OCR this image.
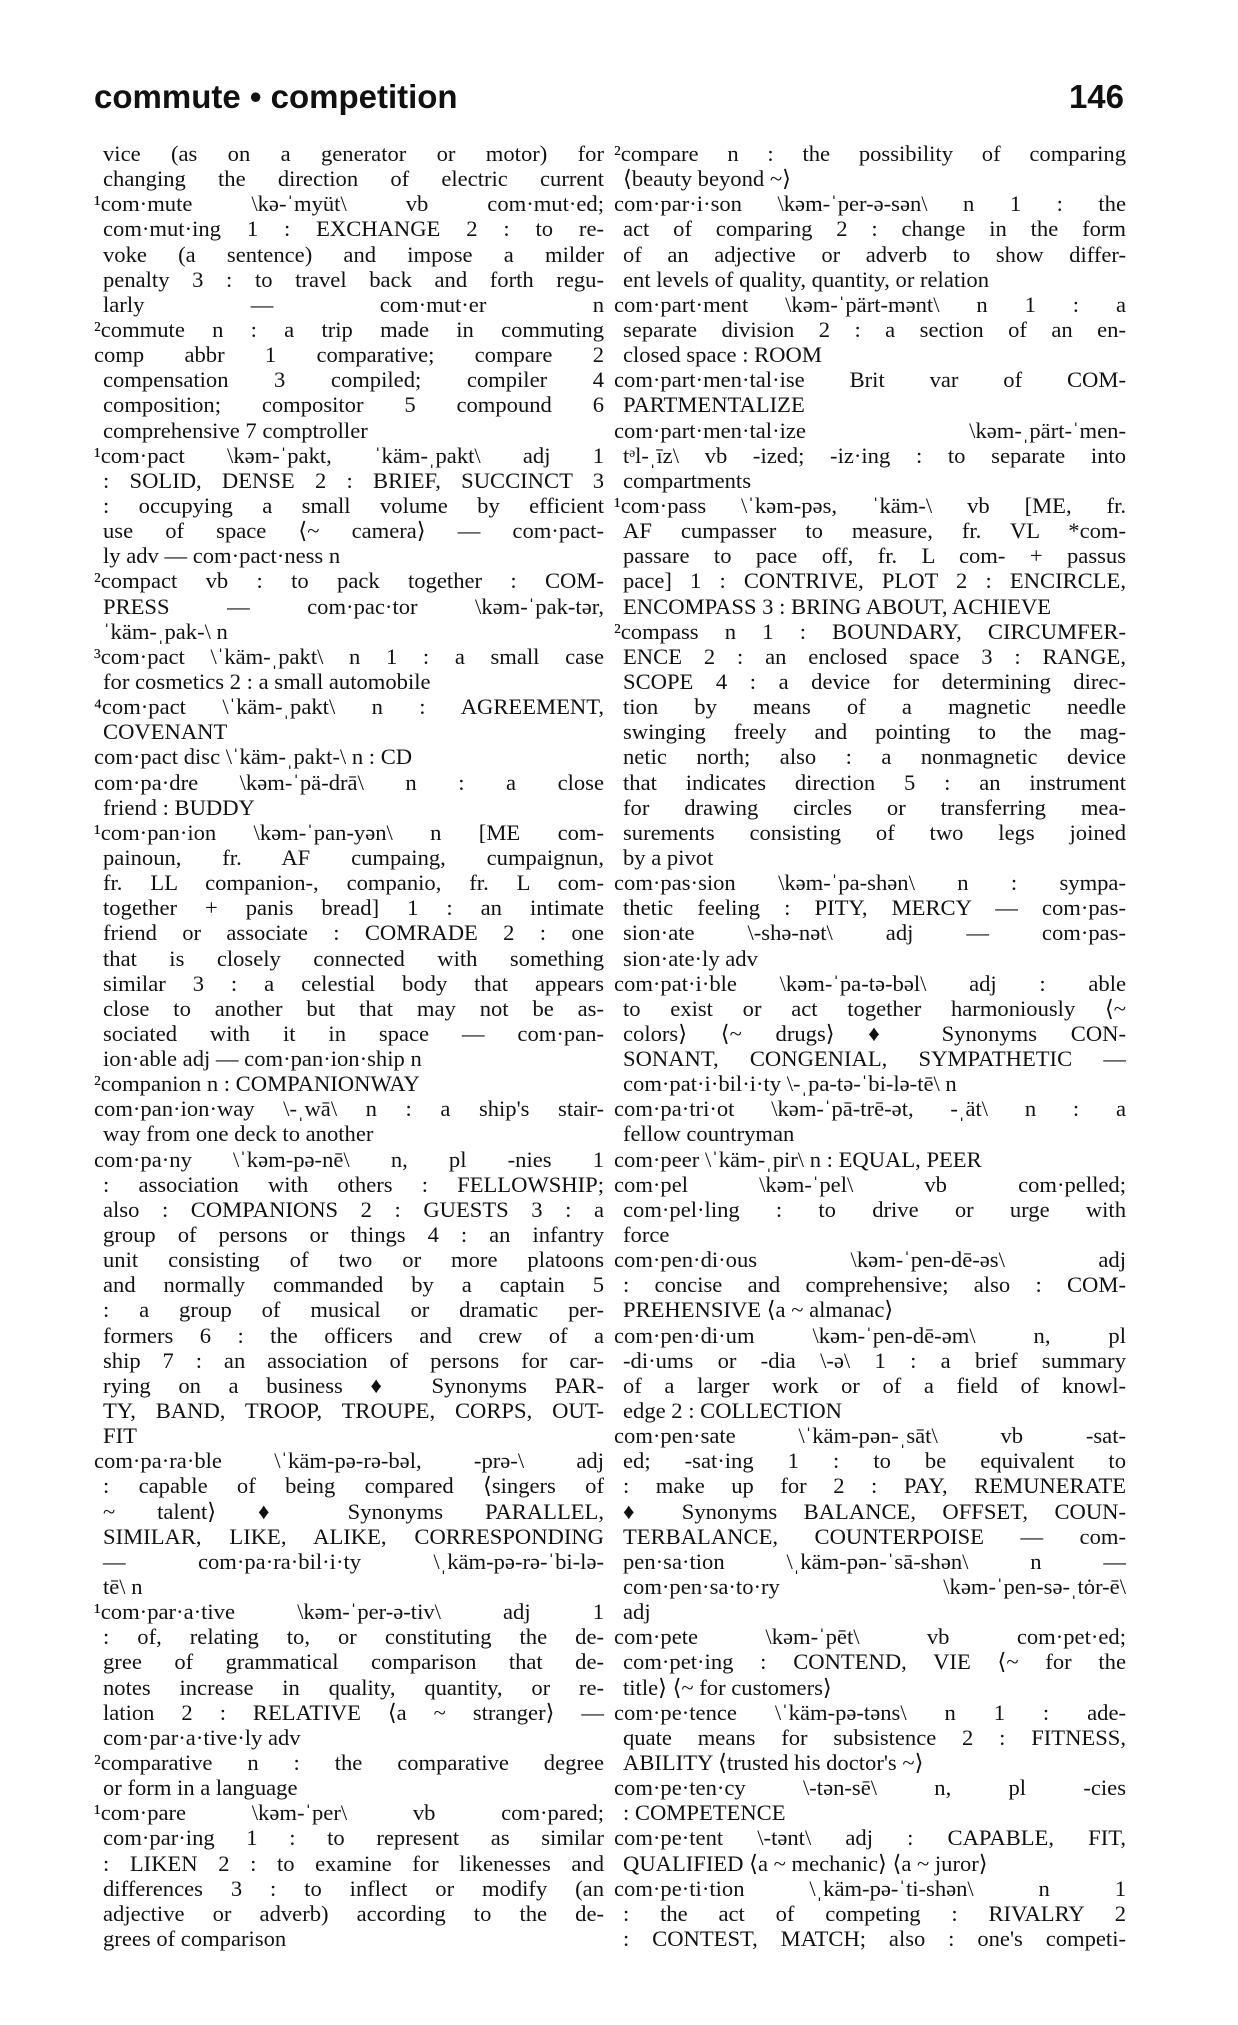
commute • competition	146
vice (as on a generator or motor) for
changing the direction of electric current
¹com·mute \kə-ˈmyüt\ vb com·mut·ed;
com·mut·ing 1 : EXCHANGE 2 : to re-
voke (a sentence) and impose a milder
penalty 3 : to travel back and forth regu-
larly — com·mut·er n
²commute n : a trip made in commuting
comp abbr 1 comparative; compare 2
compensation 3 compiled; compiler 4
composition; compositor 5 compound 6
comprehensive 7 comptroller
¹com·pact \kəm-ˈpakt, ˈkäm-ˌpakt\ adj 1
: SOLID, DENSE 2 : BRIEF, SUCCINCT 3
: occupying a small volume by efficient
use of space ⟨~ camera⟩ — com·pact-
ly adv — com·pact·ness n
²compact vb : to pack together : COM-
PRESS — com·pac·tor \kəm-ˈpak-tər,
ˈkäm-ˌpak-\ n
³com·pact \ˈkäm-ˌpakt\ n 1 : a small case
for cosmetics 2 : a small automobile
⁴com·pact \ˈkäm-ˌpakt\ n : AGREEMENT,
COVENANT
com·pact disc \ˈkäm-ˌpakt-\ n : CD
com·pa·dre \kəm-ˈpä-drā\ n : a close
friend : BUDDY
¹com·pan·ion \kəm-ˈpan-yən\ n [ME com-
painoun, fr. AF cumpaing, cumpaignun,
fr. LL companion-, companio, fr. L com-
together + panis bread] 1 : an intimate
friend or associate : COMRADE 2 : one
that is closely connected with something
similar 3 : a celestial body that appears
close to another but that may not be as-
sociated with it in space — com·pan-
ion·able adj — com·pan·ion·ship n
²companion n : COMPANIONWAY
com·pan·ion·way \-ˌwā\ n : a ship's stair-
way from one deck to another
com·pa·ny \ˈkəm-pə-nē\ n, pl -nies 1
: association with others : FELLOWSHIP;
also : COMPANIONS 2 : GUESTS 3 : a
group of persons or things 4 : an infantry
unit consisting of two or more platoons
and normally commanded by a captain 5
: a group of musical or dramatic per-
formers 6 : the officers and crew of a
ship 7 : an association of persons for car-
rying on a business ♦ Synonyms PAR-
TY, BAND, TROOP, TROUPE, CORPS, OUT-
FIT
com·pa·ra·ble \ˈkäm-pə-rə-bəl, -prə-\ adj
: capable of being compared ⟨singers of
~ talent⟩ ♦ Synonyms PARALLEL,
SIMILAR, LIKE, ALIKE, CORRESPONDING
— com·pa·ra·bil·i·ty \ˌkäm-pə-rə-ˈbi-lə-
tē\ n
¹com·par·a·tive \kəm-ˈper-ə-tiv\ adj 1
: of, relating to, or constituting the de-
gree of grammatical comparison that de-
notes increase in quality, quantity, or re-
lation 2 : RELATIVE ⟨a ~ stranger⟩ —
com·par·a·tive·ly adv
²comparative n : the comparative degree
or form in a language
¹com·pare \kəm-ˈper\ vb com·pared;
com·par·ing 1 : to represent as similar
: LIKEN 2 : to examine for likenesses and
differences 3 : to inflect or modify (an
adjective or adverb) according to the de-
grees of comparison
²compare n : the possibility of comparing
⟨beauty beyond ~⟩
com·par·i·son \kəm-ˈper-ə-sən\ n 1 : the
act of comparing 2 : change in the form
of an adjective or adverb to show differ-
ent levels of quality, quantity, or relation
com·part·ment \kəm-ˈpärt-mənt\ n 1 : a
separate division 2 : a section of an en-
closed space : ROOM
com·part·men·tal·ise Brit var of COM-
PARTMENTALIZE
com·part·men·tal·ize \kəm-ˌpärt-ˈmen-
tᵊl-ˌīz\ vb -ized; -iz·ing : to separate into
compartments
¹com·pass \ˈkəm-pəs, ˈkäm-\ vb [ME, fr.
AF cumpasser to measure, fr. VL *com-
passare to pace off, fr. L com- + passus
pace] 1 : CONTRIVE, PLOT 2 : ENCIRCLE,
ENCOMPASS 3 : BRING ABOUT, ACHIEVE
²compass n 1 : BOUNDARY, CIRCUMFER-
ENCE 2 : an enclosed space 3 : RANGE,
SCOPE 4 : a device for determining direc-
tion by means of a magnetic needle
swinging freely and pointing to the mag-
netic north; also : a nonmagnetic device
that indicates direction 5 : an instrument
for drawing circles or transferring mea-
surements consisting of two legs joined
by a pivot
com·pas·sion \kəm-ˈpa-shən\ n : sympa-
thetic feeling : PITY, MERCY — com·pas-
sion·ate \-shə-nət\ adj — com·pas-
sion·ate·ly adv
com·pat·i·ble \kəm-ˈpa-tə-bəl\ adj : able
to exist or act together harmoniously ⟨~
colors⟩ ⟨~ drugs⟩ ♦ Synonyms CON-
SONANT, CONGENIAL, SYMPATHETIC —
com·pat·i·bil·i·ty \-ˌpa-tə-ˈbi-lə-tē\ n
com·pa·tri·ot \kəm-ˈpā-trē-ət, -ˌät\ n : a
fellow countryman
com·peer \ˈkäm-ˌpir\ n : EQUAL, PEER
com·pel \kəm-ˈpel\ vb com·pelled;
com·pel·ling : to drive or urge with
force
com·pen·di·ous \kəm-ˈpen-dē-əs\ adj
: concise and comprehensive; also : COM-
PREHENSIVE ⟨a ~ almanac⟩
com·pen·di·um \kəm-ˈpen-dē-əm\ n, pl
-di·ums or -dia \-ə\ 1 : a brief summary
of a larger work or of a field of knowl-
edge 2 : COLLECTION
com·pen·sate \ˈkäm-pən-ˌsāt\ vb -sat-
ed; -sat·ing 1 : to be equivalent to
: make up for 2 : PAY, REMUNERATE
♦ Synonyms BALANCE, OFFSET, COUN-
TERBALANCE, COUNTERPOISE — com-
pen·sa·tion \ˌkäm-pən-ˈsā-shən\ n —
com·pen·sa·to·ry \kəm-ˈpen-sə-ˌtȯr-ē\
adj
com·pete \kəm-ˈpēt\ vb com·pet·ed;
com·pet·ing : CONTEND, VIE ⟨~ for the
title⟩ ⟨~ for customers⟩
com·pe·tence \ˈkäm-pə-təns\ n 1 : ade-
quate means for subsistence 2 : FITNESS,
ABILITY ⟨trusted his doctor's ~⟩
com·pe·ten·cy \-tən-sē\ n, pl -cies
: COMPETENCE
com·pe·tent \-tənt\ adj : CAPABLE, FIT,
QUALIFIED ⟨a ~ mechanic⟩ ⟨a ~ juror⟩
com·pe·ti·tion \ˌkäm-pə-ˈti-shən\ n 1
: the act of competing : RIVALRY 2
: CONTEST, MATCH; also : one's competi-
